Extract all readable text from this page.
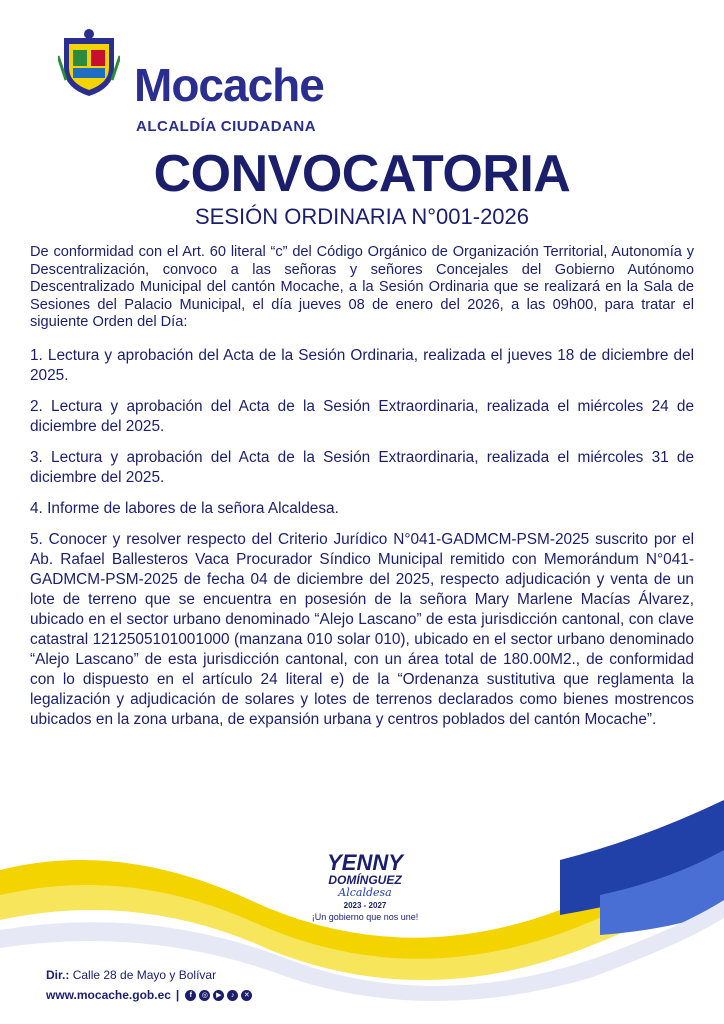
Mocache
ALCALDÍA CIUDADANA
CONVOCATORIA
SESIÓN ORDINARIA N°001-2026

De conformidad con el Art. 60 literal “c” del Código Orgánico de Organización Territorial, Autonomía y Descentralización, convoco a las señoras y señores Concejales del Gobierno Autónomo Descentralizado Municipal del cantón Mocache, a la Sesión Ordinaria que se realizará en la Sala de Sesiones del Palacio Municipal, el día jueves 08 de enero del 2026, a las 09h00, para tratar el siguiente Orden del Día:

1. Lectura y aprobación del Acta de la Sesión Ordinaria, realizada el jueves 18 de diciembre del 2025.

2. Lectura y aprobación del Acta de la Sesión Extraordinaria, realizada el miércoles 24 de diciembre del 2025.

3. Lectura y aprobación del Acta de la Sesión Extraordinaria, realizada el miércoles 31 de diciembre del 2025.

4. Informe de labores de la señora Alcaldesa.

5. Conocer y resolver respecto del Criterio Jurídico N°041-GADMCM-PSM-2025 suscrito por el Ab. Rafael Ballesteros Vaca Procurador Síndico Municipal remitido con Memorándum N°041-GADMCM-PSM-2025 de fecha 04 de diciembre del 2025, respecto adjudicación y venta de un lote de terreno que se encuentra en posesión de la señora Mary Marlene Macías Álvarez, ubicado en el sector urbano denominado “Alejo Lascano” de esta jurisdicción cantonal, con clave catastral 1212505101001000 (manzana 010 solar 010), ubicado en el sector urbano denominado “Alejo Lascano” de esta jurisdicción cantonal, con un área total de 180.00M2., de conformidad con lo dispuesto en el artículo 24 literal e) de la “Ordenanza sustitutiva que reglamenta la legalización y adjudicación de solares y lotes de terrenos declarados como bienes mostrencos ubicados en la zona urbana, de expansión urbana y centros poblados del cantón Mocache”.

YENNY
DOMÍNGUEZ
Alcaldesa
2023 - 2027
¡Un gobierno que nos une!
Dir.: Calle 28 de Mayo y Bolívar
www.mocache.gob.ec |	f	◎	▶	♪	✕
